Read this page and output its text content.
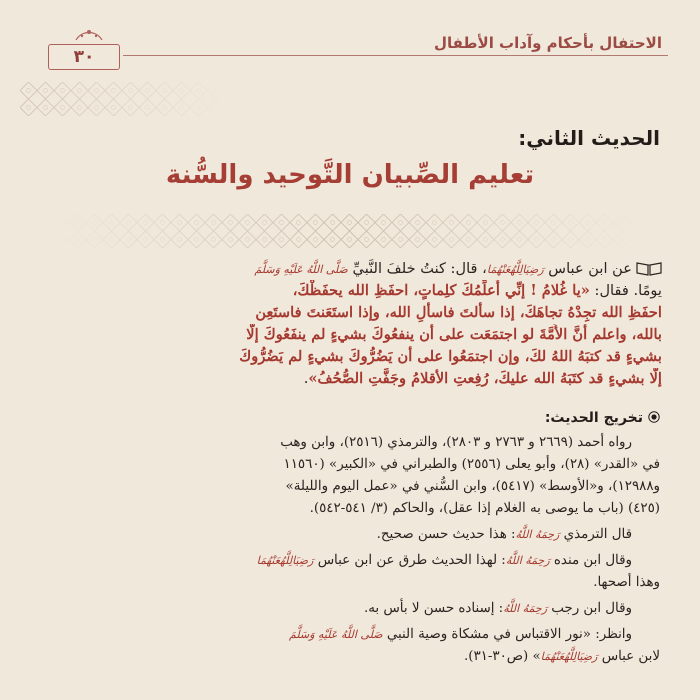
الاحتفال بأحكام وآداب الأطفال
٣٠
الحديث الثاني:
تعليم الصِّبيان التَّوحيد والسُّنة
عن ابن عباس رَضِيَالِلَّهُعَنْهُمَا، قال: كنتُ خلفَ النَّبيِّ صَلَّى اللَّهُ عَلَيْهِ وَسَلَّمَ
يومًا. فقال: «يا غُلامُ ! إنِّي أُعلِّمُكَ كلِماتٍ، احفَظِ الله يحفَظْكَ،
احفَظِ الله تجِدْهُ تجاهَكَ، إذا سألتَ فاسألِ الله، وإذا استَعَنتَ فاستَعِن
بالله، واعلم أنَّ الأُمَّةَ لو اجتمَعَت على أن ينفعُوكَ بشيءٍ لم ينفَعُوكَ إلَّا
بشيءٍ قد كتبَهُ اللهُ لكَ، وإن اجتمَعُوا على أن يَضُرُّوكَ بشيءٍ لم يَضُرُّوكَ
إلَّا بشيءٍ قد كتَبَهُ الله عليكَ، رُفِعتِ الأقلامُ وجَفَّتِ الصُّحُفُ».
تخريج الحديث:
رواه أحمد (٢٦٦٩ و ٢٧٦٣ و ٢٨٠٣)، والترمذي (٢٥١٦)، وابن وهب
في «القدر» (٢٨)، وأبو يعلى (٢٥٥٦) والطبراني في «الكبير» (١١٥٦٠
و١٢٩٨٨)، و«الأوسط» (٥٤١٧)، وابن السُّني في «عمل اليوم والليلة»
(٤٢٥) (باب ما يوصى به الغلام إذا عقل)، والحاكم (٣/ ٥٤١-٥٤٢).
قال الترمذي رَحِمَهُ اللَّهُ: هذا حديث حسن صحيح.
وقال ابن منده رَحِمَهُ اللَّهُ: لهذا الحديث طرق عن ابن عباس رَضِيَالِلَّهُعَنْهُمَا
وهذا أصحها.
وقال ابن رجب رَحِمَهُ اللَّهُ: إسناده حسن لا بأس به.
وانظر: «نور الاقتباس في مشكاة وصية النبي صَلَّى اللَّهُ عَلَيْهِ وَسَلَّمَ
لابن عباس رَضِيَالِلَّهُعَنْهُمَا» (ص٣٠-٣١).
